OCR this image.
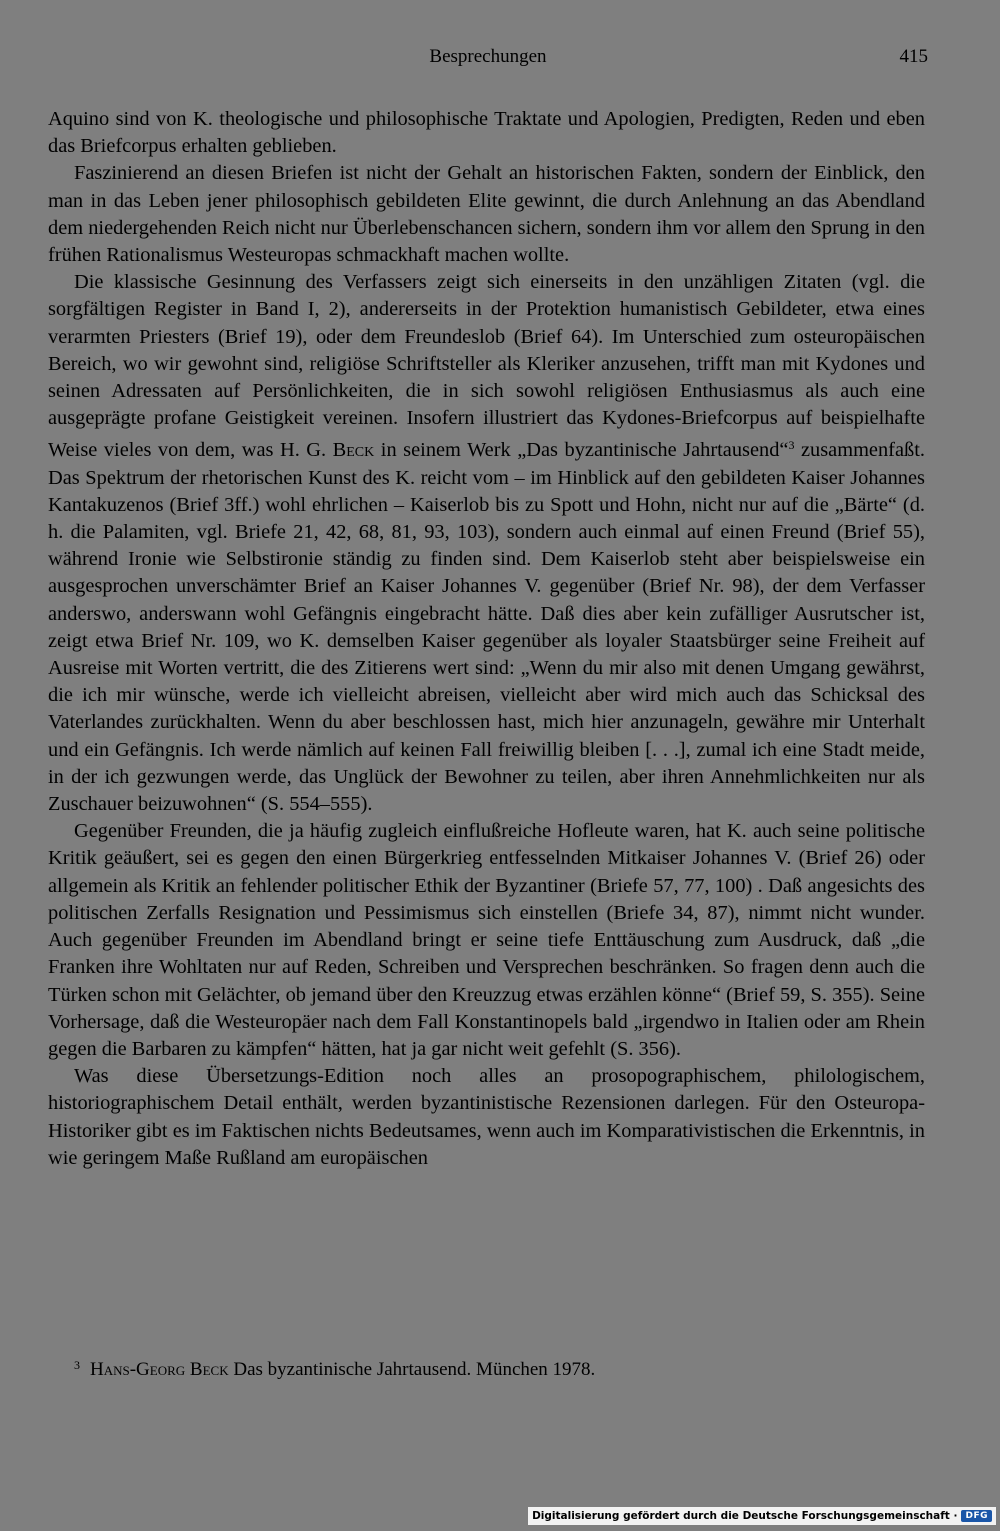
Besprechungen	415

Aquino sind von K. theologische und philosophische Traktate und Apologien, Predigten, Reden und eben das Briefcorpus erhalten geblieben.

Faszinierend an diesen Briefen ist nicht der Gehalt an historischen Fakten, sondern der Einblick, den man in das Leben jener philosophisch gebildeten Elite gewinnt, die durch Anlehnung an das Abendland dem niedergehenden Reich nicht nur Überlebenschancen sichern, sondern ihm vor allem den Sprung in den frühen Rationalismus Westeuropas schmackhaft machen wollte.

Die klassische Gesinnung des Verfassers zeigt sich einerseits in den unzähligen Zitaten (vgl. die sorgfältigen Register in Band I, 2), andererseits in der Protektion humanistisch Gebildeter, etwa eines verarmten Priesters (Brief 19), oder dem Freundeslob (Brief 64). Im Unterschied zum osteuropäischen Bereich, wo wir gewohnt sind, religiöse Schriftsteller als Kleriker anzusehen, trifft man mit Kydones und seinen Adressaten auf Persönlichkeiten, die in sich sowohl religiösen Enthusiasmus als auch eine ausgeprägte profane Geistigkeit vereinen. Insofern illustriert das Kydones-Briefcorpus auf beispielhafte Weise vieles von dem, was H. G. Beck in seinem Werk „Das byzantinische Jahrtausend“$^3$ zusammenfaßt. Das Spektrum der rhetorischen Kunst des K. reicht vom – im Hinblick auf den gebildeten Kaiser Johannes Kantakuzenos (Brief 3ff.) wohl ehrlichen – Kaiserlob bis zu Spott und Hohn, nicht nur auf die „Bärte“ (d. h. die Palamiten, vgl. Briefe 21, 42, 68, 81, 93, 103), sondern auch einmal auf einen Freund (Brief 55), während Ironie wie Selbstironie ständig zu finden sind. Dem Kaiserlob steht aber beispielsweise ein ausgesprochen unverschämter Brief an Kaiser Johannes V. gegenüber (Brief Nr. 98), der dem Verfasser anderswo, anderswann wohl Gefängnis eingebracht hätte. Daß dies aber kein zufälliger Ausrutscher ist, zeigt etwa Brief Nr. 109, wo K. demselben Kaiser gegenüber als loyaler Staatsbürger seine Freiheit auf Ausreise mit Worten vertritt, die des Zitierens wert sind: „Wenn du mir also mit denen Umgang gewährst, die ich mir wünsche, werde ich vielleicht abreisen, vielleicht aber wird mich auch das Schicksal des Vaterlandes zurückhalten. Wenn du aber beschlossen hast, mich hier anzunageln, gewähre mir Unterhalt und ein Gefängnis. Ich werde nämlich auf keinen Fall freiwillig bleiben [. . .], zumal ich eine Stadt meide, in der ich gezwungen werde, das Unglück der Bewohner zu teilen, aber ihren Annehmlichkeiten nur als Zuschauer beizuwohnen“ (S. 554–555).

Gegenüber Freunden, die ja häufig zugleich einflußreiche Hofleute waren, hat K. auch seine politische Kritik geäußert, sei es gegen den einen Bürgerkrieg entfesselnden Mitkaiser Johannes V. (Brief 26) oder allgemein als Kritik an fehlender politischer Ethik der Byzantiner (Briefe 57, 77, 100) . Daß angesichts des politischen Zerfalls Resignation und Pessimismus sich einstellen (Briefe 34, 87), nimmt nicht wunder. Auch gegenüber Freunden im Abendland bringt er seine tiefe Enttäuschung zum Ausdruck, daß „die Franken ihre Wohltaten nur auf Reden, Schreiben und Versprechen beschränken. So fragen denn auch die Türken schon mit Gelächter, ob jemand über den Kreuzzug etwas erzählen könne“ (Brief 59, S. 355). Seine Vorhersage, daß die Westeuropäer nach dem Fall Konstantinopels bald „irgendwo in Italien oder am Rhein gegen die Barbaren zu kämpfen“ hätten, hat ja gar nicht weit gefehlt (S. 356).

Was diese Übersetzungs-Edition noch alles an prosopographischem, philologischem, historiographischem Detail enthält, werden byzantinistische Rezensionen darlegen. Für den Osteuropa-Historiker gibt es im Faktischen nichts Bedeutsames, wenn auch im Komparativistischen die Erkenntnis, in wie geringem Maße Rußland am europäischen

$^3$ Hans-Georg Beck Das byzantinische Jahrtausend. München 1978.
Digitalisierung gefördert durch die Deutsche Forschungsgemeinschaft · DFG
